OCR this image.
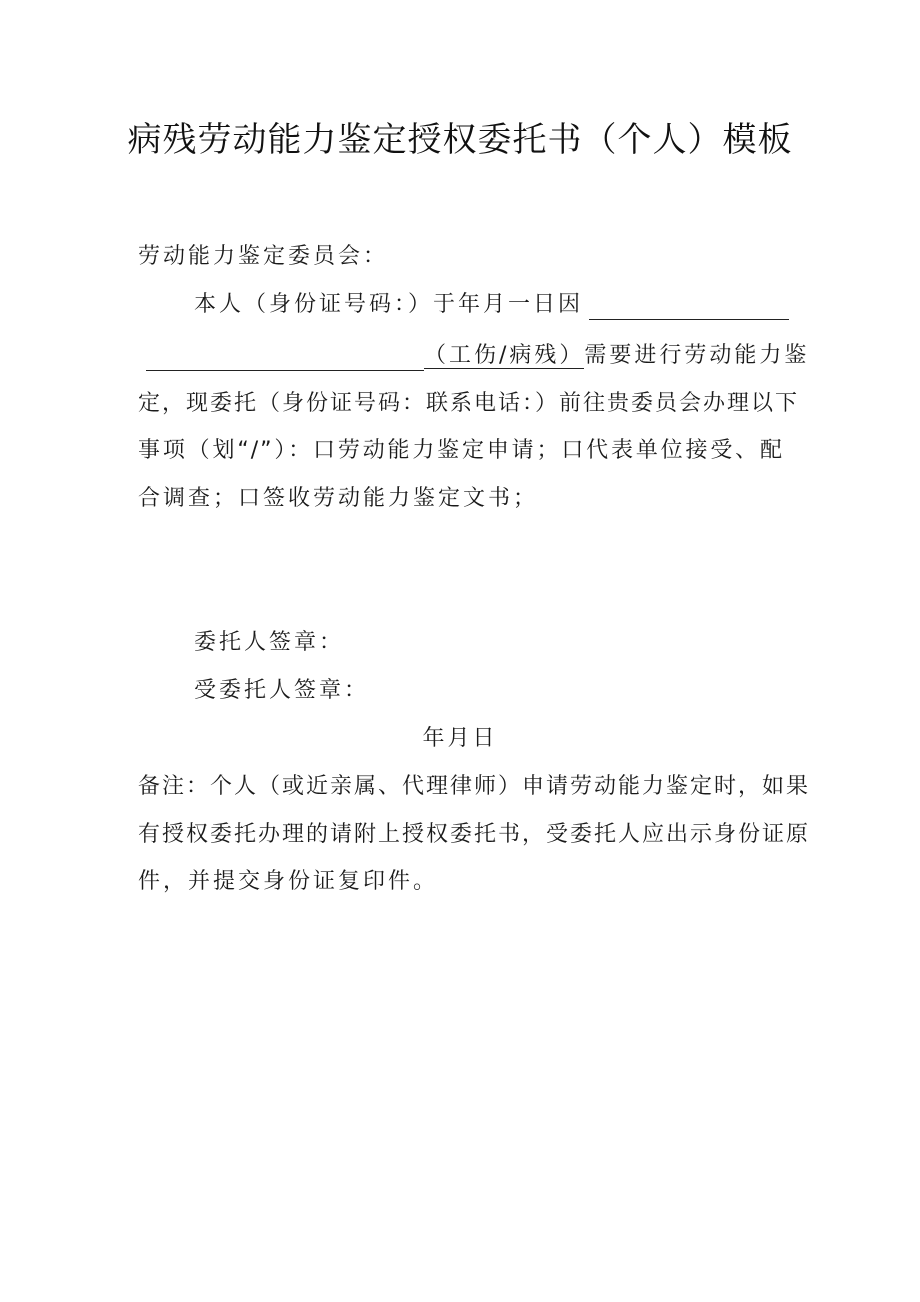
病残劳动能力鉴定授权委托书（个人）模板
劳动能力鉴定委员会：
本人（身份证号码：）于年月一日因
（工伤/病残）需要进行劳动能力鉴
定，现委托（身份证号码：联系电话：）前往贵委员会办理以下
事项（划“/”）：口劳动能力鉴定申请；口代表单位接受、配
合调查；口签收劳动能力鉴定文书；
委托人签章：
受委托人签章：
年月日
备注：个人（或近亲属、代理律师）申请劳动能力鉴定时，如果
有授权委托办理的请附上授权委托书，受委托人应出示身份证原
件，并提交身份证复印件。
